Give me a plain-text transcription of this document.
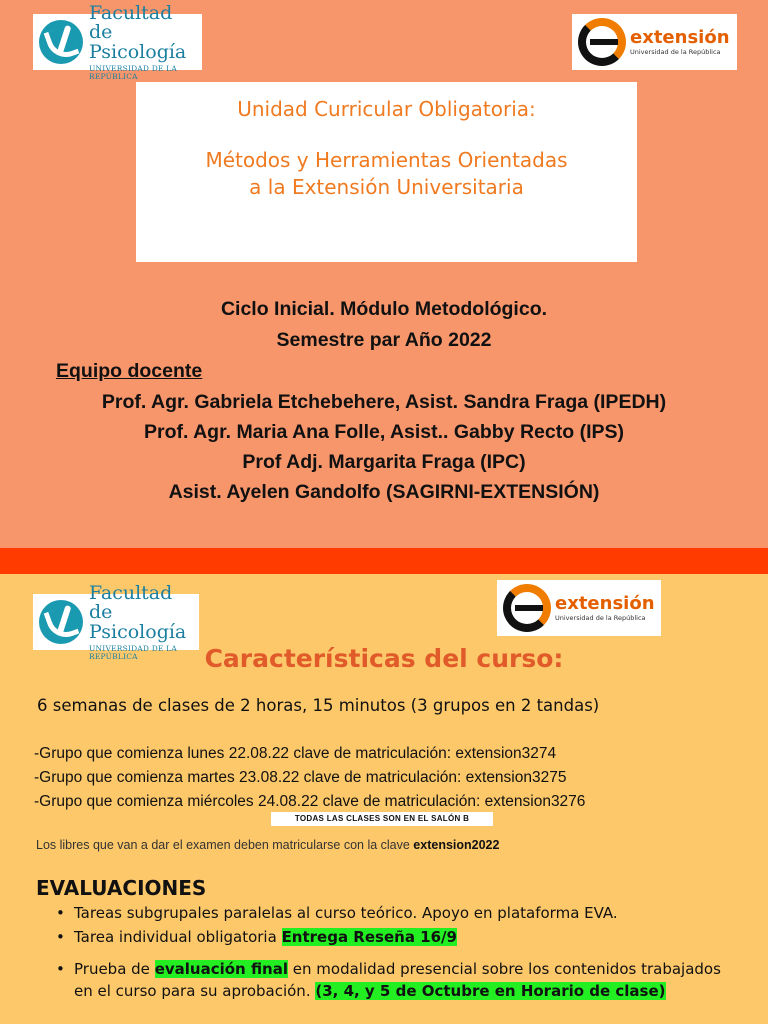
Facultad de
Psicología
UNIVERSIDAD DE LA REPÚBLICA
extensión
Universidad de la República
Unidad Curricular Obligatoria:
Métodos y Herramientas Orientadas
a la Extensión Universitaria
Ciclo Inicial. Módulo Metodológico.
Semestre par Año 2022
Equipo docente
Prof. Agr. Gabriela Etchebehere, Asist. Sandra Fraga (IPEDH)
Prof. Agr. Maria Ana Folle, Asist.. Gabby Recto (IPS)
Prof Adj. Margarita Fraga (IPC)
Asist. Ayelen Gandolfo (SAGIRNI-EXTENSIÓN)
Facultad de
Psicología
UNIVERSIDAD DE LA REPÚBLICA
extensión
Universidad de la República
Características del curso:
6 semanas de clases de 2 horas, 15 minutos (3 grupos en 2 tandas)
-Grupo que comienza lunes 22.08.22 clave de matriculación: extension3274
-Grupo que comienza martes 23.08.22 clave de matriculación: extension3275
-Grupo que comienza miércoles 24.08.22 clave de matriculación: extension3276
TODAS LAS CLASES SON EN EL SALÓN B
Los libres que van a dar el examen deben matricularse con la clave extension2022
EVALUACIONES
• Tareas subgrupales paralelas al curso teórico. Apoyo en plataforma EVA.
• Tarea individual obligatoria Entrega Reseña 16/9
• Prueba de evaluación final en modalidad presencial sobre los contenidos trabajados en el curso para su aprobación. (3, 4, y 5 de Octubre en Horario de clase)
